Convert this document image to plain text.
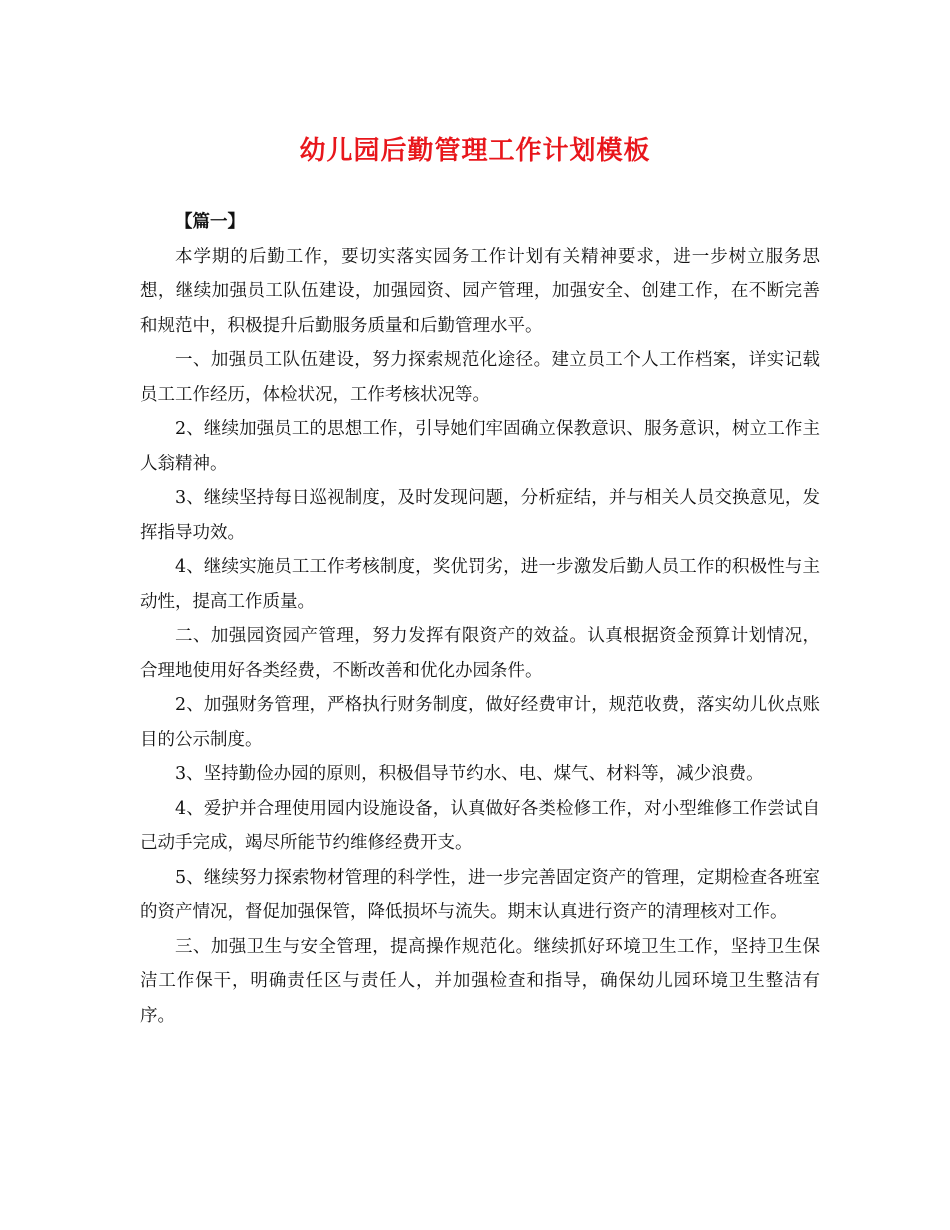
幼儿园后勤管理工作计划模板

【篇一】

本学期的后勤工作，要切实落实园务工作计划有关精神要求，进一步树立服务思想，继续加强员工队伍建设，加强园资、园产管理，加强安全、创建工作，在不断完善和规范中，积极提升后勤服务质量和后勤管理水平。

一、加强员工队伍建设，努力探索规范化途径。建立员工个人工作档案，详实记载员工工作经历，体检状况，工作考核状况等。

2、继续加强员工的思想工作，引导她们牢固确立保教意识、服务意识，树立工作主人翁精神。

3、继续坚持每日巡视制度，及时发现问题，分析症结，并与相关人员交换意见，发挥指导功效。

4、继续实施员工工作考核制度，奖优罚劣，进一步激发后勤人员工作的积极性与主动性，提高工作质量。

二、加强园资园产管理，努力发挥有限资产的效益。认真根据资金预算计划情况，合理地使用好各类经费，不断改善和优化办园条件。

2、加强财务管理，严格执行财务制度，做好经费审计，规范收费，落实幼儿伙点账目的公示制度。

3、坚持勤俭办园的原则，积极倡导节约水、电、煤气、材料等，减少浪费。

4、爱护并合理使用园内设施设备，认真做好各类检修工作，对小型维修工作尝试自己动手完成，竭尽所能节约维修经费开支。

5、继续努力探索物材管理的科学性，进一步完善固定资产的管理，定期检查各班室的资产情况，督促加强保管，降低损坏与流失。期末认真进行资产的清理核对工作。

三、加强卫生与安全管理，提高操作规范化。继续抓好环境卫生工作，坚持卫生保洁工作保干，明确责任区与责任人，并加强检查和指导，确保幼儿园环境卫生整洁有序。
